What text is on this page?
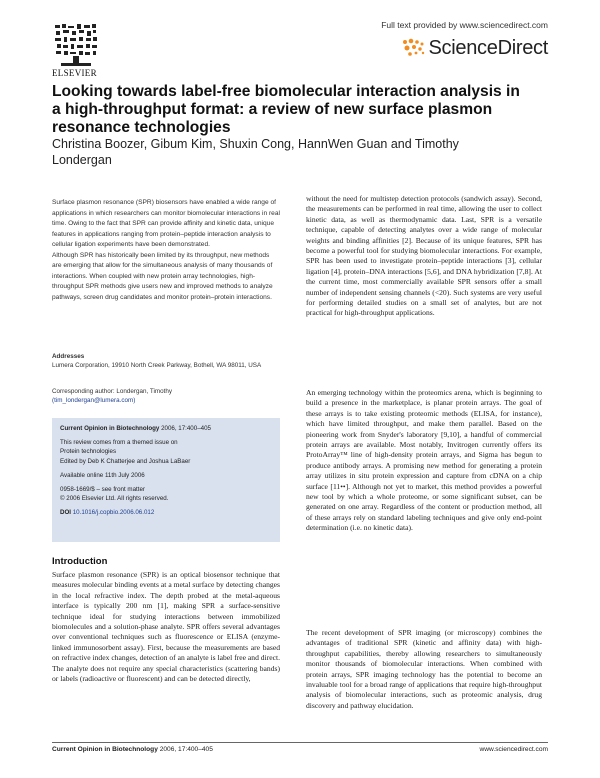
ELSEVIER
Full text provided by www.sciencedirect.com
ScienceDirect
Looking towards label-free biomolecular interaction analysis in a high-throughput format: a review of new surface plasmon resonance technologies
Christina Boozer, Gibum Kim, Shuxin Cong, HannWen Guan and Timothy Londergan

Surface plasmon resonance (SPR) biosensors have enabled a wide range of applications in which researchers can monitor biomolecular interactions in real time. Owing to the fact that SPR can provide affinity and kinetic data, unique features in applications ranging from protein–peptide interaction analysis to cellular ligation experiments have been demonstrated.

Although SPR has historically been limited by its throughput, new methods are emerging that allow for the simultaneous analysis of many thousands of interactions. When coupled with new protein array technologies, high-throughput SPR methods give users new and improved methods to analyze pathways, screen drug candidates and monitor protein–protein interactions.

Addresses
Lumera Corporation, 19910 North Creek Parkway, Bothell, WA 98011, USA
Corresponding author: Londergan, Timothy
(tim_londergan@lumera.com)
Current Opinion in Biotechnology 2006, 17:400–405
This review comes from a themed issue on
Protein technologies
Edited by Deb K Chatterjee and Joshua LaBaer
Available online 11th July 2006
0958-1669/$ – see front matter
© 2006 Elsevier Ltd. All rights reserved.
DOI 10.1016/j.copbio.2006.06.012
Introduction

Surface plasmon resonance (SPR) is an optical biosensor technique that measures molecular binding events at a metal surface by detecting changes in the local refractive index. The depth probed at the metal-aqueous interface is typically 200 nm [1], making SPR a surface-sensitive technique ideal for studying interactions between immobilized biomolecules and a solution-phase analyte. SPR offers several advantages over conventional techniques such as fluorescence or ELISA (enzyme-linked immunosorbent assay). First, because the measurements are based on refractive index changes, detection of an analyte is label free and direct. The analyte does not require any special characteristics (scattering bands) or labels (radioactive or fluorescent) and can be detected directly,

without the need for multistep detection protocols (sandwich assay). Second, the measurements can be performed in real time, allowing the user to collect kinetic data, as well as thermodynamic data. Last, SPR is a versatile technique, capable of detecting analytes over a wide range of molecular weights and binding affinities [2]. Because of its unique features, SPR has become a powerful tool for studying biomolecular interactions. For example, SPR has been used to investigate protein–peptide interactions [3], cellular ligation [4], protein–DNA interactions [5,6], and DNA hybridization [7,8]. At the current time, most commercially available SPR sensors offer a small number of independent sensing channels (<20). Such systems are very useful for performing detailed studies on a small set of analytes, but are not practical for high-throughput applications.

An emerging technology within the proteomics arena, which is beginning to build a presence in the marketplace, is planar protein arrays. The goal of these arrays is to take existing proteomic methods (ELISA, for instance), which have limited throughput, and make them parallel. Based on the pioneering work from Snyder's laboratory [9,10], a handful of commercial protein arrays are available. Most notably, Invitrogen currently offers its ProtoArray™ line of high-density protein arrays, and Sigma has begun to produce antibody arrays. A promising new method for generating a protein array utilizes in situ protein expression and capture from cDNA on a chip surface [11••]. Although not yet to market, this method provides a powerful new tool by which a whole proteome, or some significant subset, can be generated on one array. Regardless of the content or production method, all of these arrays rely on standard labeling techniques and give only end-point determination (i.e. no kinetic data).

The recent development of SPR imaging (or microscopy) combines the advantages of traditional SPR (kinetic and affinity data) with high-throughput capabilities, thereby allowing researchers to simultaneously monitor thousands of biomolecular interactions. When combined with protein arrays, SPR imaging technology has the potential to become an invaluable tool for a broad range of applications that require high-throughput analysis of biomolecular interactions, such as proteomic analysis, drug discovery and pathway elucidation.

Current Opinion in Biotechnology 2006, 17:400–405	www.sciencedirect.com
